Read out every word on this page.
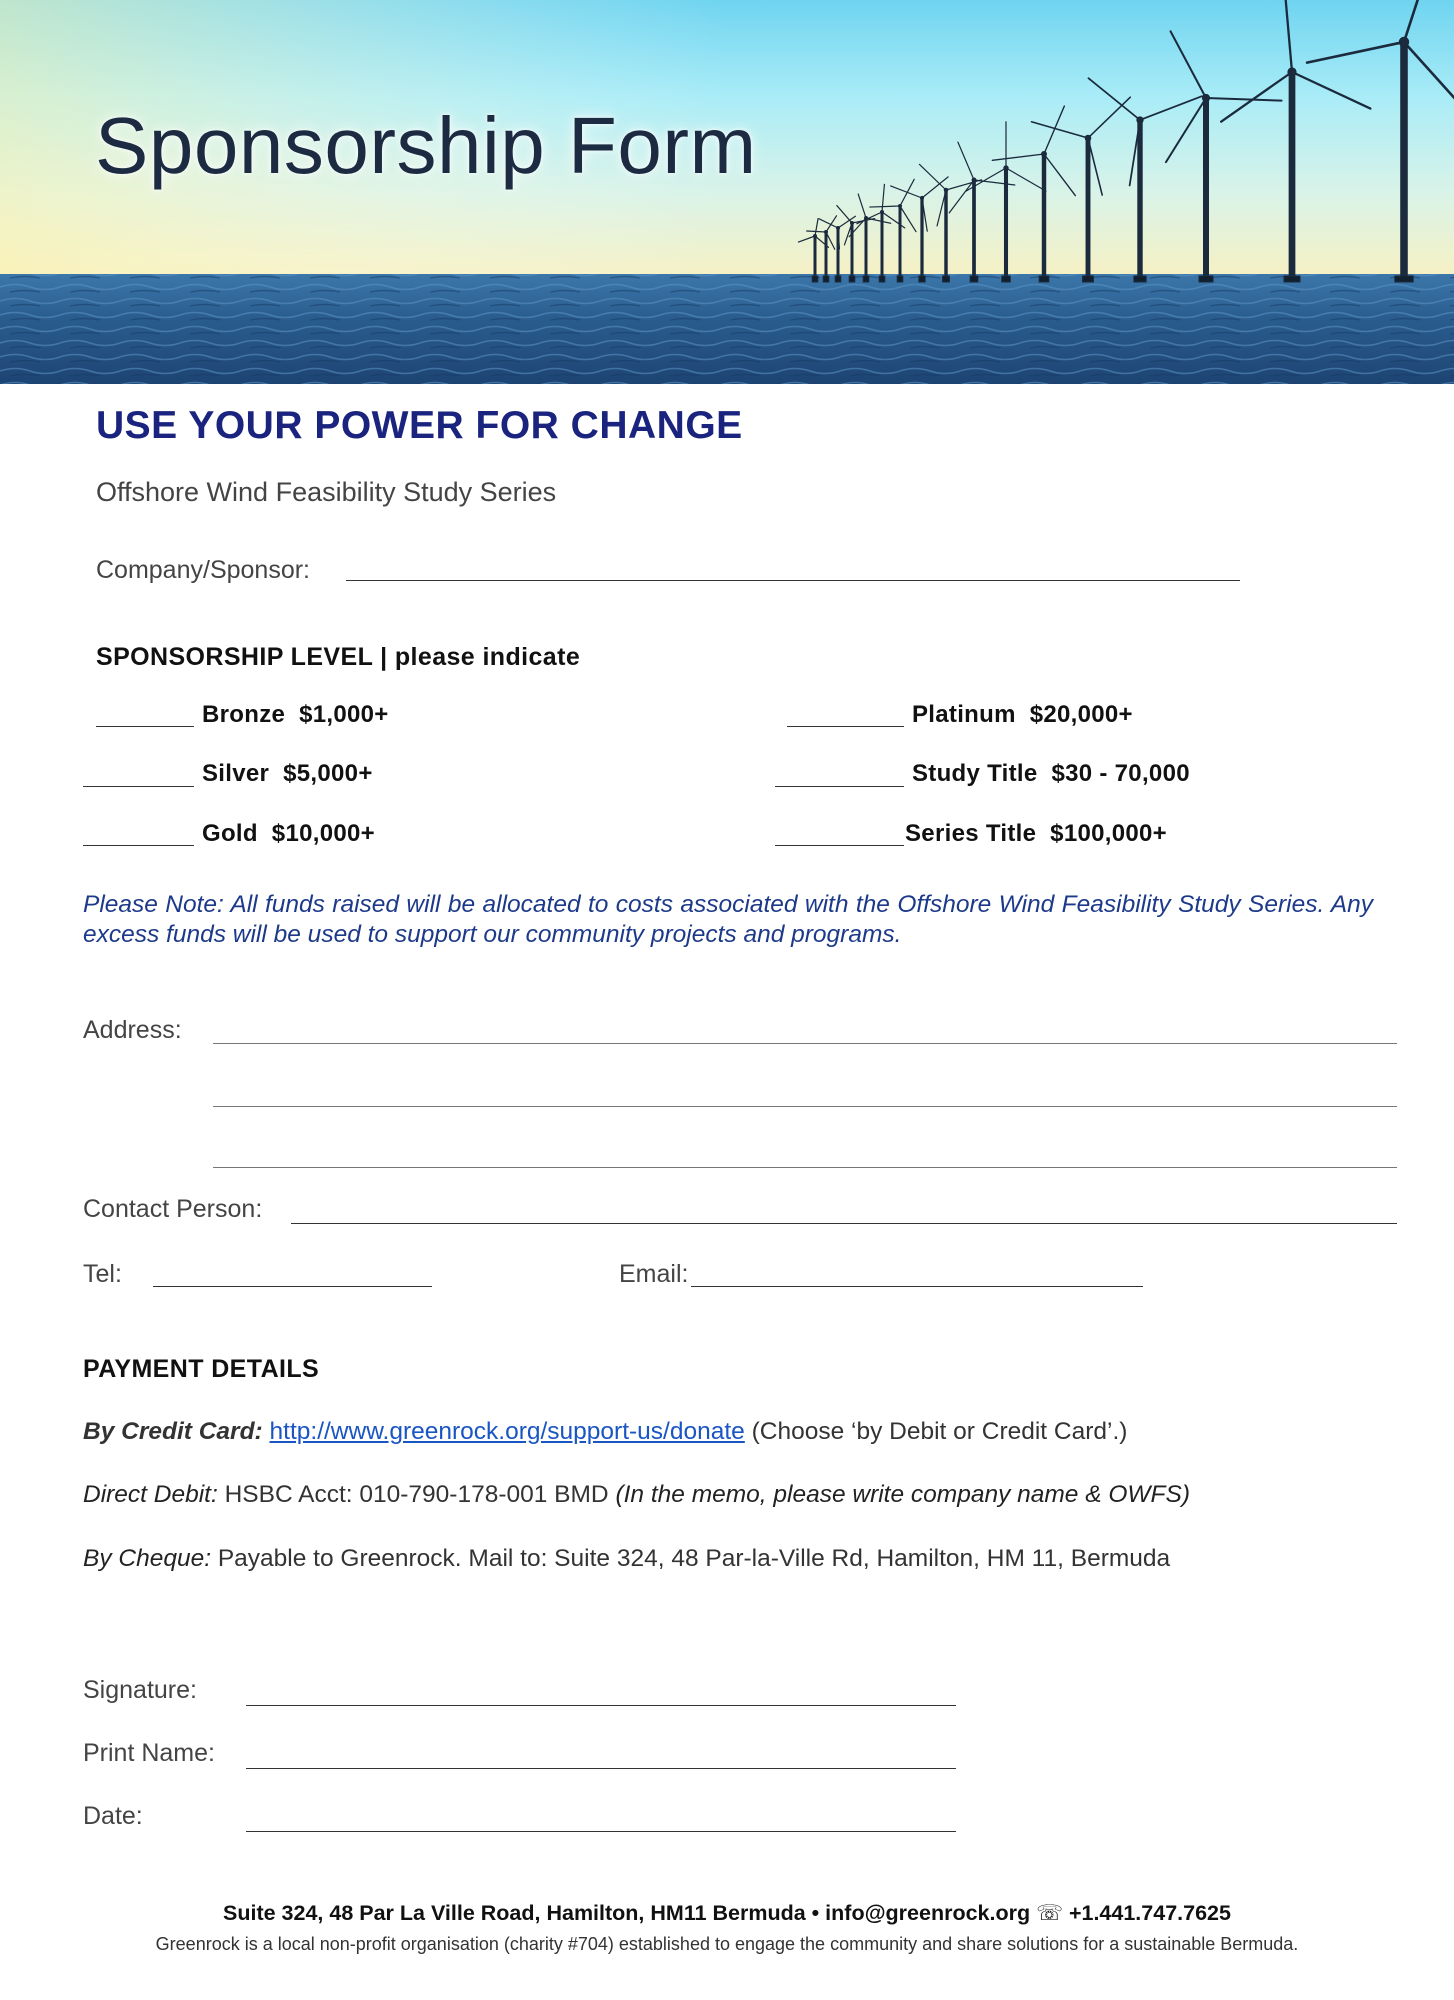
Sponsorship Form
USE YOUR POWER FOR CHANGE
Offshore Wind Feasibility Study Series
Company/Sponsor:
SPONSORSHIP LEVEL | please indicate
Bronze $1,000+
Silver $5,000+
Gold $10,000+
Platinum $20,000+
Study Title $30 - 70,000
Series Title $100,000+
Please Note: All funds raised will be allocated to costs associated with the Offshore Wind Feasibility Study Series. Any excess funds will be used to support our community projects and programs.
Address:
Contact Person:
Tel:	Email:
PAYMENT DETAILS
By Credit Card: http://www.greenrock.org/support-us/donate (Choose ‘by Debit or Credit Card’.)
Direct Debit: HSBC Acct: 010-790-178-001 BMD (In the memo, please write company name & OWFS)
By Cheque: Payable to Greenrock. Mail to: Suite 324, 48 Par-la-Ville Rd, Hamilton, HM 11, Bermuda
Signature:
Print Name:
Date:
Suite 324, 48 Par La Ville Road, Hamilton, HM11 Bermuda • info@greenrock.org ☏ +1.441.747.7625
Greenrock is a local non-profit organisation (charity #704) established to engage the community and share solutions for a sustainable Bermuda.
